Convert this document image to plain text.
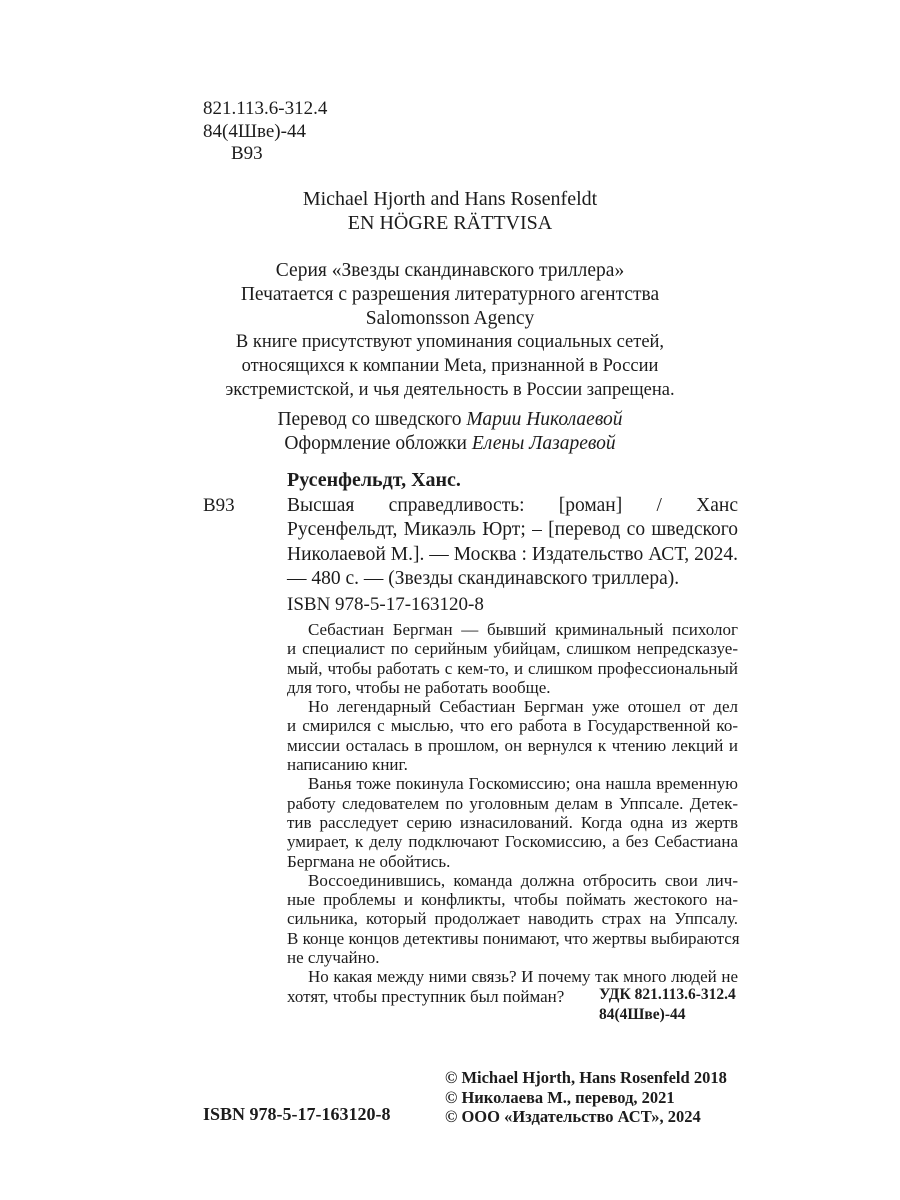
821.113.6-312.4
84(4Шве)-44
В93
Michael Hjorth and Hans Rosenfeldt
EN HÖGRE RÄTTVISA
Серия «Звезды скандинавского триллера»
Печатается с разрешения литературного агентства
Salomonsson Agency
В книге присутствуют упоминания социальных сетей,
относящихся к компании Meta, признанной в России
экстремистской, и чья деятельность в России запрещена.
Перевод со шведского Марии Николаевой
Оформление обложки Елены Лазаревой
Русенфельдт, Ханс.
В93	Высшая справедливость: [роман] / Ханс
Русенфельдт, Микаэль Юрт; – [перевод со шведского
Николаевой М.]. — Москва : Издательство АСТ, 2024.
— 480 с. — (Звезды скандинавского триллера).
ISBN 978-5-17-163120-8
Себастиан Бергман — бывший криминальный психолог
и специалист по серийным убийцам, слишком непредсказуе-
мый, чтобы работать с кем-то, и слишком профессиональный
для того, чтобы не работать вообще.
Но легендарный Себастиан Бергман уже отошел от дел
и смирился с мыслью, что его работа в Государственной ко-
миссии осталась в прошлом, он вернулся к чтению лекций и
написанию книг.
Ванья тоже покинула Госкомиссию; она нашла временную
работу следователем по уголовным делам в Уппсале. Детек-
тив расследует серию изнасилований. Когда одна из жертв
умирает, к делу подключают Госкомиссию, а без Себастиана
Бергмана не обойтись.
Воссоединившись, команда должна отбросить свои лич-
ные проблемы и конфликты, чтобы поймать жестокого на-
сильника, который продолжает наводить страх на Уппсалу.
В конце концов детективы понимают, что жертвы выбираются
не случайно.
Но какая между ними связь? И почему так много людей не
хотят, чтобы преступник был пойман?	УДК 821.113.6-312.4
84(4Шве)-44
ISBN 978-5-17-163120-8
© Michael Hjorth, Hans Rosenfeld 2018
© Николаева М., перевод, 2021
© ООО «Издательство АСТ», 2024
